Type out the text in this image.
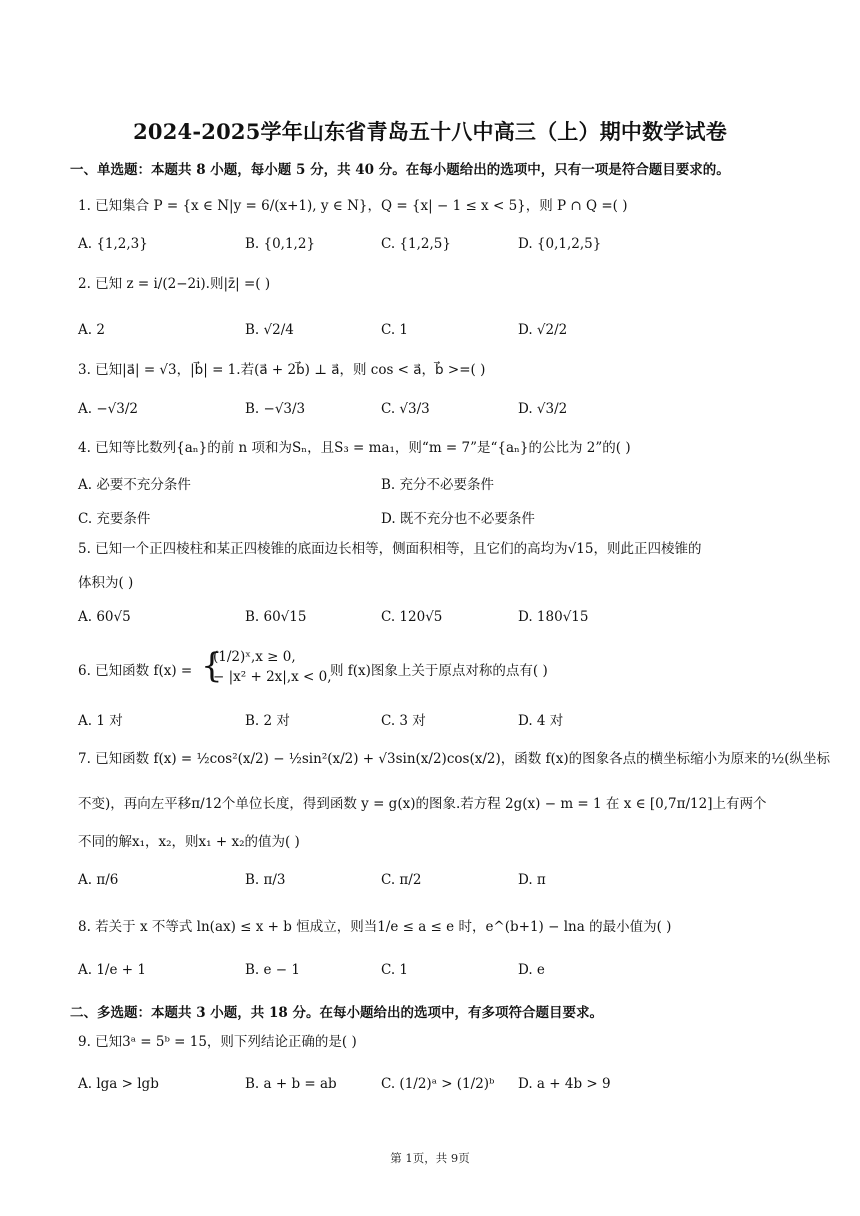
2024-2025学年山东省青岛五十八中高三（上）期中数学试卷
一、单选题：本题共 8 小题，每小题 5 分，共 40 分。在每小题给出的选项中，只有一项是符合题目要求的。
1. 已知集合 P = {x ∈ N|y = 6/(x+1), y ∈ N}，Q = {x| − 1 ≤ x < 5}，则 P ∩ Q =( )
A. {1,2,3}	B. {0,1,2}	C. {1,2,5}	D. {0,1,2,5}
2. 已知 z = i/(2−2i).则|z̄| =( )
A. 2	B. √2/4	C. 1	D. √2/2
3. 已知|a⃗| = √3，|b⃗| = 1.若(a⃗ + 2b⃗) ⊥ a⃗，则 cos < a⃗，b⃗ >=( )
A. −√3/2	B. −√3/3	C. √3/3	D. √3/2
4. 已知等比数列{aₙ}的前 n 项和为Sₙ，且S₃ = ma₁，则“m = 7”是“{aₙ}的公比为 2”的( )
A. 必要不充分条件	B. 充分不必要条件
C. 充要条件	D. 既不充分也不必要条件
5. 已知一个正四棱柱和某正四棱锥的底面边长相等，侧面积相等，且它们的高均为√15，则此正四棱锥的
体积为( )
A. 60√5	B. 60√15	C. 120√5	D. 180√15
6. 已知函数 f(x) = {
(1/2)ˣ,x ≥ 0,
− |x² + 2x|,x < 0,
则 f(x)图象上关于原点对称的点有( )
A. 1 对	B. 2 对	C. 3 对	D. 4 对
7. 已知函数 f(x) = ½cos²(x/2) − ½sin²(x/2) + √3sin(x/2)cos(x/2)，函数 f(x)的图象各点的横坐标缩小为原来的½(纵坐标
不变)，再向左平移π/12个单位长度，得到函数 y = g(x)的图象.若方程 2g(x) − m = 1 在 x ∈ [0,7π/12]上有两个
不同的解x₁，x₂，则x₁ + x₂的值为( )
A. π/6	B. π/3	C. π/2	D. π
8. 若关于 x 不等式 ln(ax) ≤ x + b 恒成立，则当1/e ≤ a ≤ e 时，e^(b+1) − lna 的最小值为( )
A. 1/e + 1	B. e − 1	C. 1	D. e
二、多选题：本题共 3 小题，共 18 分。在每小题给出的选项中，有多项符合题目要求。
9. 已知3ᵃ = 5ᵇ = 15，则下列结论正确的是( )
A. lga > lgb	B. a + b = ab	C. (1/2)ᵃ > (1/2)ᵇ D. a + 4b > 9
第 1页，共 9页
